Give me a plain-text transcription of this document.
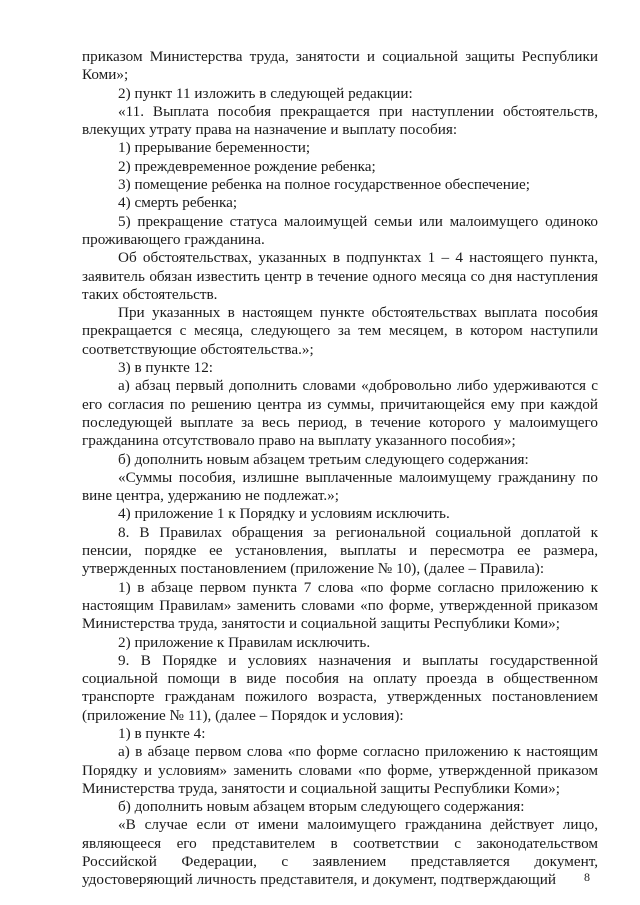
приказом Министерства труда, занятости и социальной защиты Республики Коми»;

2) пункт 11 изложить в следующей редакции:

«11. Выплата пособия прекращается при наступлении обстоятельств, влекущих утрату права на назначение и выплату пособия:

1) прерывание беременности;

2) преждевременное рождение ребенка;

3) помещение ребенка на полное государственное обеспечение;

4) смерть ребенка;

5) прекращение статуса малоимущей семьи или малоимущего одиноко проживающего гражданина.

Об обстоятельствах, указанных в подпунктах 1 – 4 настоящего пункта, заявитель обязан известить центр в течение одного месяца со дня наступления таких обстоятельств.

При указанных в настоящем пункте обстоятельствах выплата пособия прекращается с месяца, следующего за тем месяцем, в котором наступили соответствующие обстоятельства.»;

3) в пункте 12:

а) абзац первый дополнить словами «добровольно либо удерживаются с его согласия по решению центра из суммы, причитающейся ему при каждой последующей выплате за весь период, в течение которого у малоимущего гражданина отсутствовало право на выплату указанного пособия»;

б) дополнить новым абзацем третьим следующего содержания:

«Суммы пособия, излишне выплаченные малоимущему гражданину по вине центра, удержанию не подлежат.»;

4) приложение 1 к Порядку и условиям исключить.

8. В Правилах обращения за региональной социальной доплатой к пенсии, порядке ее установления, выплаты и пересмотра ее размера, утвержденных постановлением (приложение № 10), (далее – Правила):

1) в абзаце первом пункта 7 слова «по форме согласно приложению к настоящим Правилам» заменить словами «по форме, утвержденной приказом Министерства труда, занятости и социальной защиты Республики Коми»;

2) приложение к Правилам исключить.

9. В Порядке и условиях назначения и выплаты государственной социальной помощи в виде пособия на оплату проезда в общественном транспорте гражданам пожилого возраста, утвержденных постановлением (приложение № 11), (далее – Порядок и условия):

1) в пункте 4:

а) в абзаце первом слова «по форме согласно приложению к настоящим Порядку и условиям» заменить словами «по форме, утвержденной приказом Министерства труда, занятости и социальной защиты Республики Коми»;

б) дополнить новым абзацем вторым следующего содержания:

«В случае если от имени малоимущего гражданина действует лицо, являющееся его представителем в соответствии с законодательством Российской Федерации, с заявлением представляется документ, удостоверяющий личность представителя, и документ, подтверждающий	8
